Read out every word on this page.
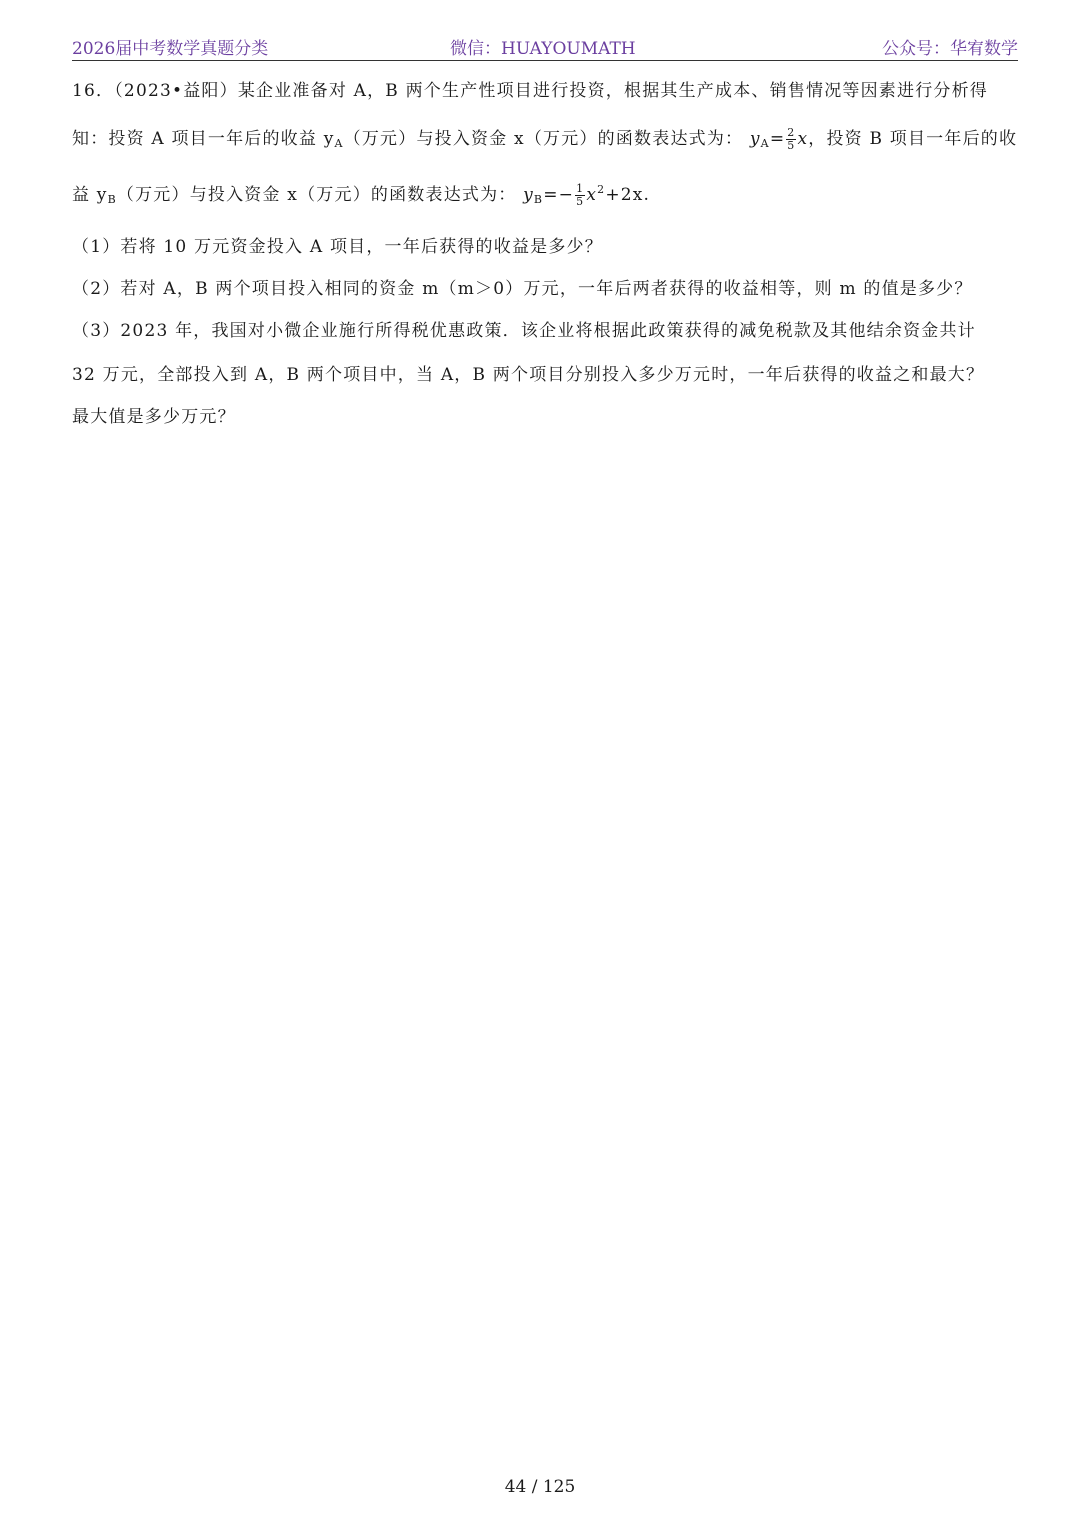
2026届中考数学真题分类	微信：HUAYOUMATH	公众号：华宥数学
16．（2023•益阳）某企业准备对 A，B 两个生产性项目进行投资，根据其生产成本、销售情况等因素进行分析得
知：投资 A 项目一年后的收益 $y_A$（万元）与投入资金 x（万元）的函数表达式为： $y_A= \frac{2}{5}$ x，投资 B 项目一年后的收
益 $y_B$（万元）与投入资金 x（万元）的函数表达式为： $y_B=- \frac{1}{5} x^2+2x$.
（1）若将 10 万元资金投入 A 项目，一年后获得的收益是多少？
（2）若对 A，B 两个项目投入相同的资金 m（m＞0）万元，一年后两者获得的收益相等，则 m 的值是多少？
（3）2023 年，我国对小微企业施行所得税优惠政策．该企业将根据此政策获得的减免税款及其他结余资金共计
32 万元，全部投入到 A，B 两个项目中，当 A，B 两个项目分别投入多少万元时，一年后获得的收益之和最大？
最大值是多少万元？
44 / 125
